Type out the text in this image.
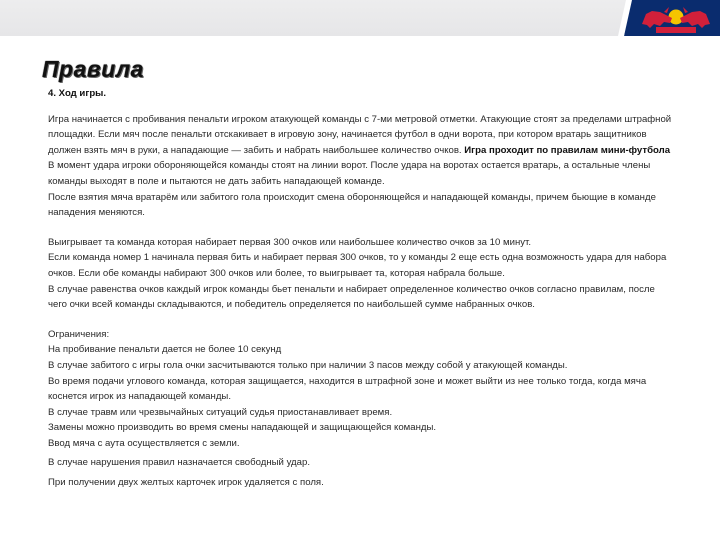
Правила

4. Ход игры.

Игра начинается с пробивания пенальти игроком атакующей команды с 7-ми метровой отметки. Атакующие стоят за пределами штрафной площадки. Если мяч после пенальти отскакивает в игровую зону, начинается футбол в одни ворота, при котором вратарь защитников должен взять мяч в руки, а нападающие — забить и набрать наибольшее количество очков. Игра проходит по правилам мини-футбола

В момент удара игроки обороняющейся команды стоят на линии ворот. После удара на воротах остается вратарь, а остальные члены команды выходят в поле и пытаются не дать забить нападающей команде.

После взятия мяча вратарём или забитого гола происходит смена обороняющейся и нападающей команды, причем бьющие в команде нападения меняются.

Выигрывает та команда которая набирает первая 300 очков или наибольшее количество очков за 10 минут.

Если команда номер 1 начинала первая бить и набирает первая 300 очков, то у команды 2 еще есть одна возможность удара для набора очков. Если обе команды набирают 300 очков или более, то выигрывает та, которая набрала больше.

В случае равенства очков каждый игрок команды бьет пенальти и набирает определенное количество очков согласно правилам, после чего очки всей команды складываются, и победитель определяется по наибольшей сумме набранных очков.

Ограничения:

На пробивание пенальти дается не более 10 секунд

В случае забитого с игры гола очки засчитываются только при наличии 3 пасов между собой у атакующей команды.

Во время подачи углового команда, которая защищается, находится в штрафной зоне и может выйти из нее только тогда, когда мяча коснется игрок из нападающей команды.

В случае травм или чрезвычайных ситуаций судья приостанавливает время.

Замены можно производить во время смены нападающей и защищающейся команды.

Ввод мяча с аута осуществляется с земли.

В случае нарушения правил назначается свободный удар.

При получении двух желтых карточек игрок удаляется с поля.
